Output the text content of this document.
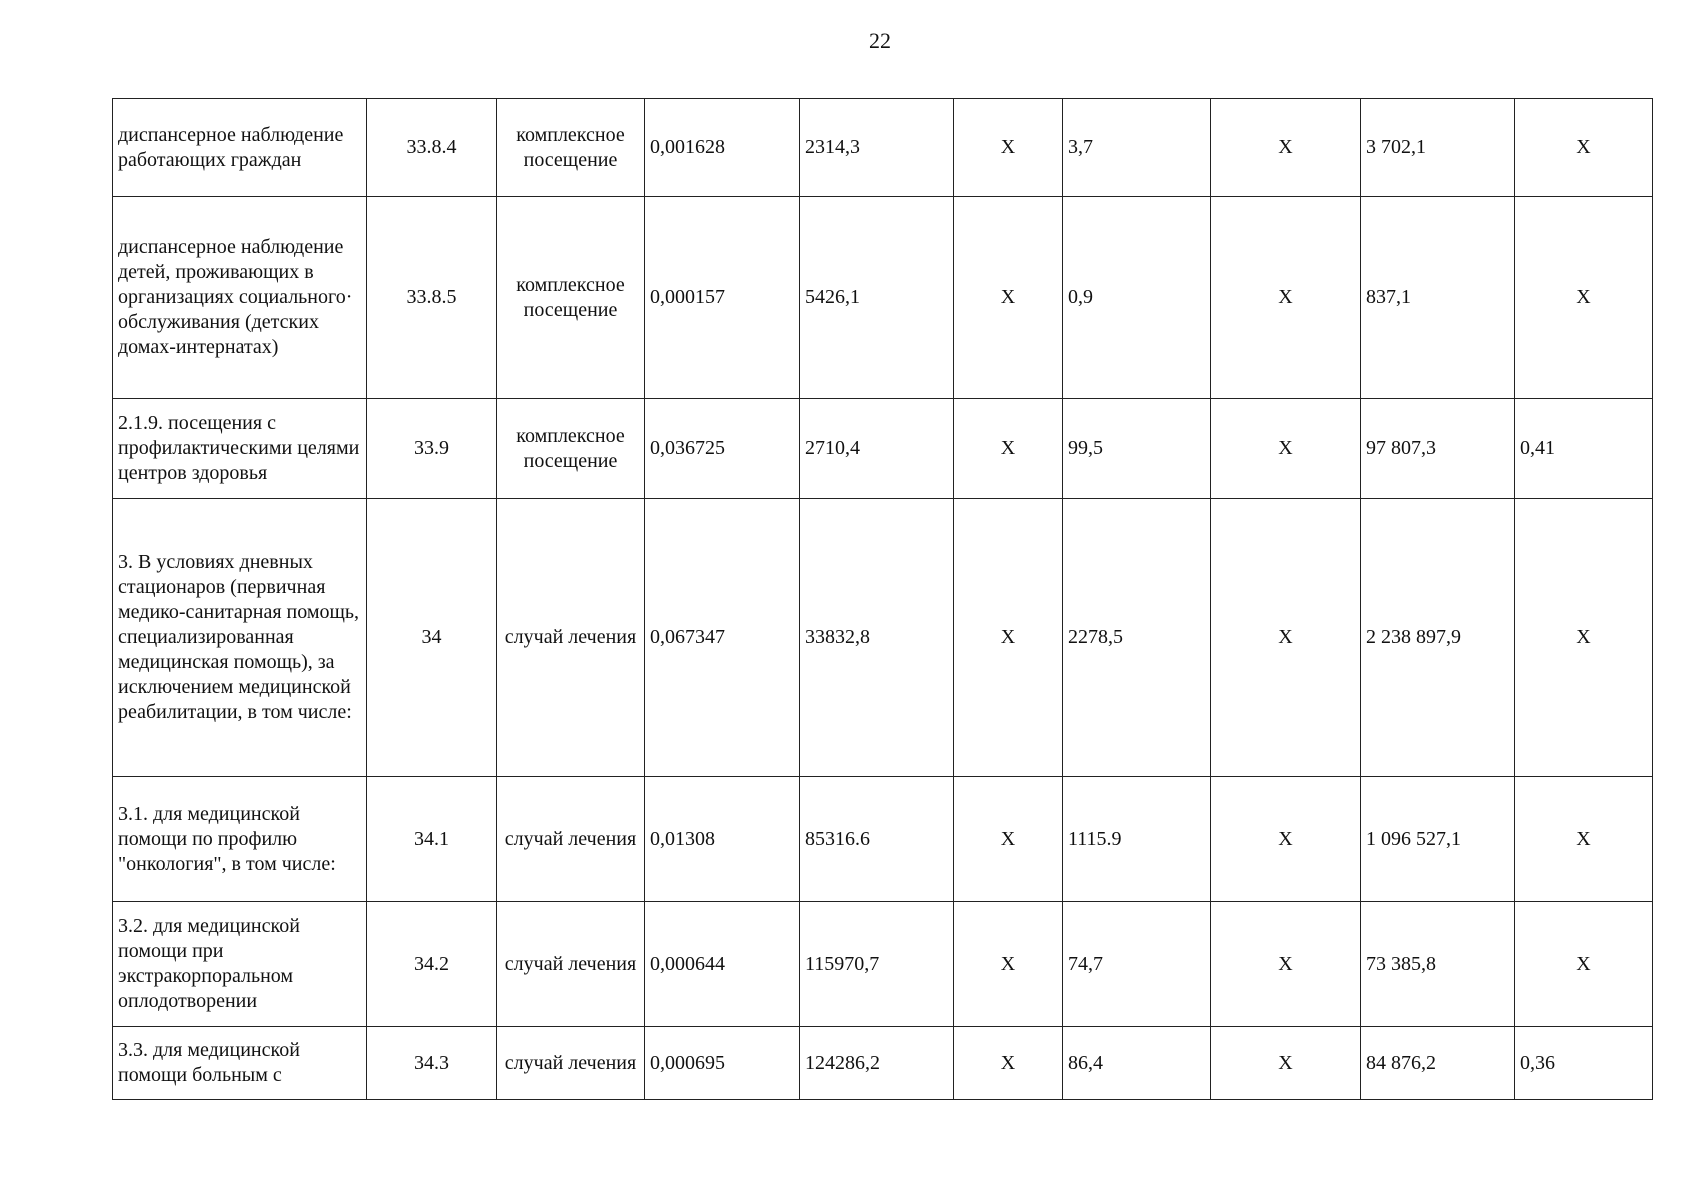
22
диспансерное наблюдение работающих граждан	33.8.4	комплексное посещение	0,001628	2314,3	Х	3,7	Х	3 702,1	Х
диспансерное наблюдение детей, проживающих в организациях социального· обслуживания (детских домах-интернатах)	33.8.5	комплексное посещение	0,000157	5426,1	Х	0,9	Х	837,1	Х
2.1.9. посещения с профилактическими целями центров здоровья	33.9	комплексное посещение	0,036725	2710,4	Х	99,5	Х	97 807,3	0,41
3. В условиях дневных стационаров (первичная медико-санитарная помощь, специализированная медицинская помощь), за исключением медицинской реабилитации, в том числе:	34	случай лечения	0,067347	33832,8	Х	2278,5	Х	2 238 897,9	Х
3.1. для медицинской помощи по профилю "онкология", в том числе:	34.1	случай лечения	0,01308	85316.6	Х	1115.9	Х	1 096 527,1	Х
3.2. для медицинской помощи при экстракорпоральном оплодотворении	34.2	случай лечения	0,000644	115970,7	Х	74,7	Х	73 385,8	Х
3.3. для медицинской помощи больным с	34.3	случай лечения	0,000695	124286,2	Х	86,4	Х	84 876,2	0,36
